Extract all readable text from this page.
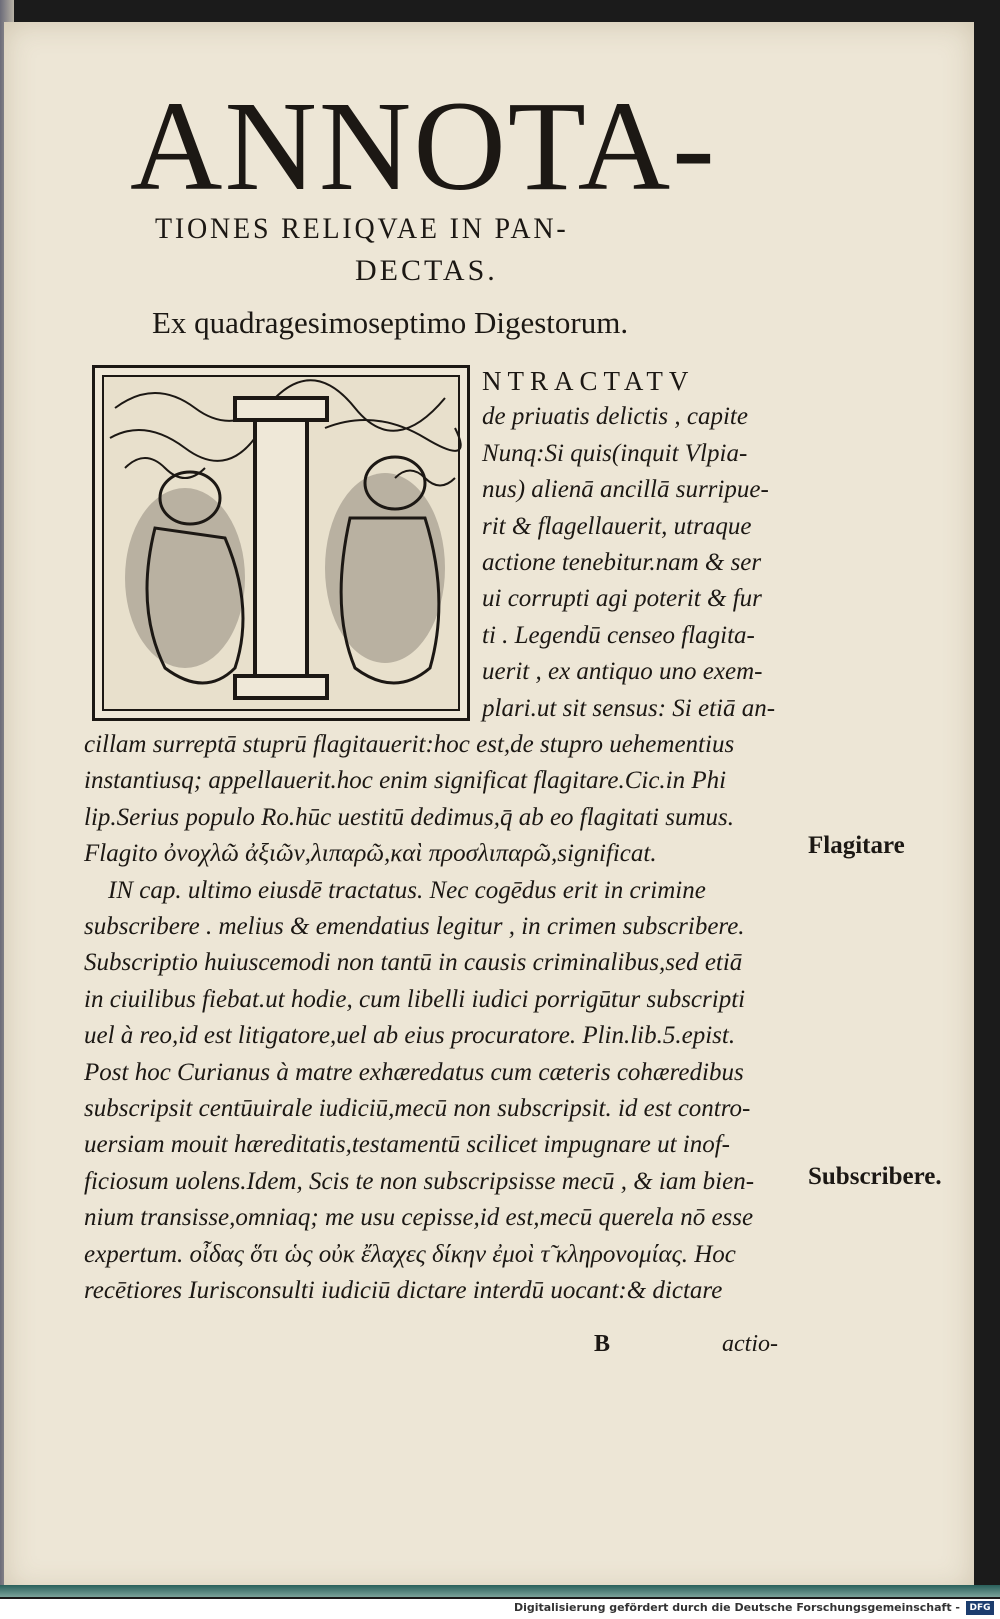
ANNOTA-
TIONES RELIQVAE IN PAN-
DECTAS.
Ex quadragesimoseptimo Digestorum.
NTRACTATV
de priuatis delictis , capite
Nunq:Si quis(inquit Vlpia-
nus) alienā ancillā surripue-
rit & flagellauerit, utraque
actione tenebitur.nam & ser
ui corrupti agi poterit & fur
ti . Legendū censeo flagita-
uerit , ex antiquo uno exem-
plari.ut sit sensus: Si etiā an-
cillam surreptā stuprū flagitauerit:hoc est,de stupro uehementius
instantiusq; appellauerit.hoc enim significat flagitare.Cic.in Phi
lip.Serius populo Ro.hūc uestitū dedimus,q̄ ab eo flagitati sumus.
Flagito ὀνοχλῶ ἀξιῶν,λιπαρῶ,καὶ προσλιπαρῶ,significat.
IN cap. ultimo eiusdē tractatus. Nec cogēdus erit in crimine
subscribere . melius & emendatius legitur , in crimen subscribere.
Subscriptio huiuscemodi non tantū in causis criminalibus,sed etiā
in ciuilibus fiebat.ut hodie, cum libelli iudici porrigūtur subscripti
uel à reo,id est litigatore,uel ab eius procuratore. Plin.lib.5.epist.
Post hoc Curianus à matre exhæredatus cum cæteris cohæredibus
subscripsit centūuirale iudiciū,mecū non subscripsit. id est contro-
uersiam mouit hæreditatis,testamentū scilicet impugnare ut inof-
ficiosum uolens.Idem, Scis te non subscripsisse mecū , & iam bien-
nium transisse,omniaq; me usu cepisse,id est,mecū querela nō esse
expertum. οἶδας ὅτι ὡς οὐκ ἔλαχες δίκην ἐμοὶ τ̃ κληρονομίας. Hoc
recētiores Iurisconsulti iudiciū dictare interdū uocant:& dictare
Flagitare
Subscribere.
B	actio-
Digitalisierung gefördert durch die Deutsche Forschungsgemeinschaft -	DFG
